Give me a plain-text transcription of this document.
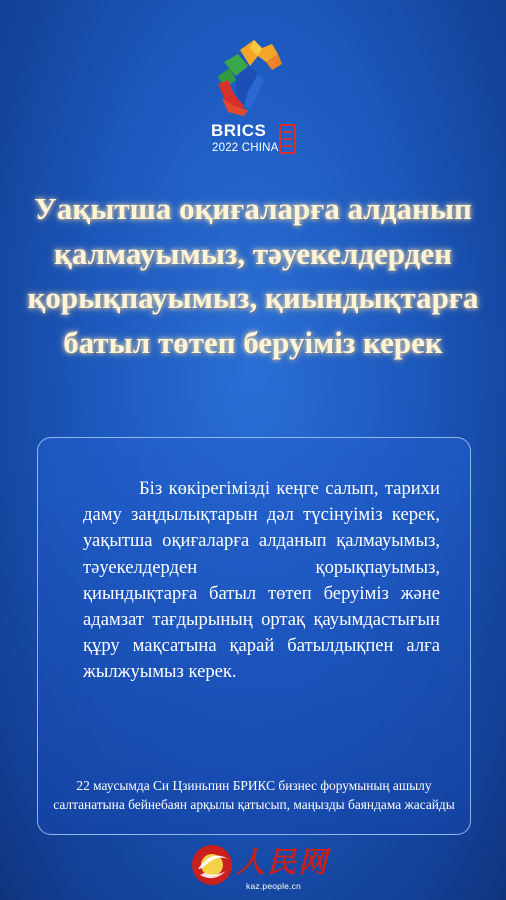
BRICS
2022 CHINA
Уақытша оқиғаларға алданып қалмауымыз, тәуекелдерден қорықпауымыз, қиындықтарға батыл төтеп беруіміз керек

Біз көкірегімізді кеңге салып, тарихи даму заңдылықтарын дәл түсінуіміз керек, уақытша оқиғаларға алданып қалмауымыз, тәуекелдерден қорықпауымыз, қиындықтарға батыл төтеп беруіміз және адамзат тағдырының ортақ қауымдастығын құру мақсатына қарай батылдықпен алға жылжуымыз керек.

22 маусымда Си Цзиньпин БРИКС бизнес форумының ашылу салтанатына бейнебаян арқылы қатысып, маңызды баяндама жасайды

人民网
kaz.people.cn
